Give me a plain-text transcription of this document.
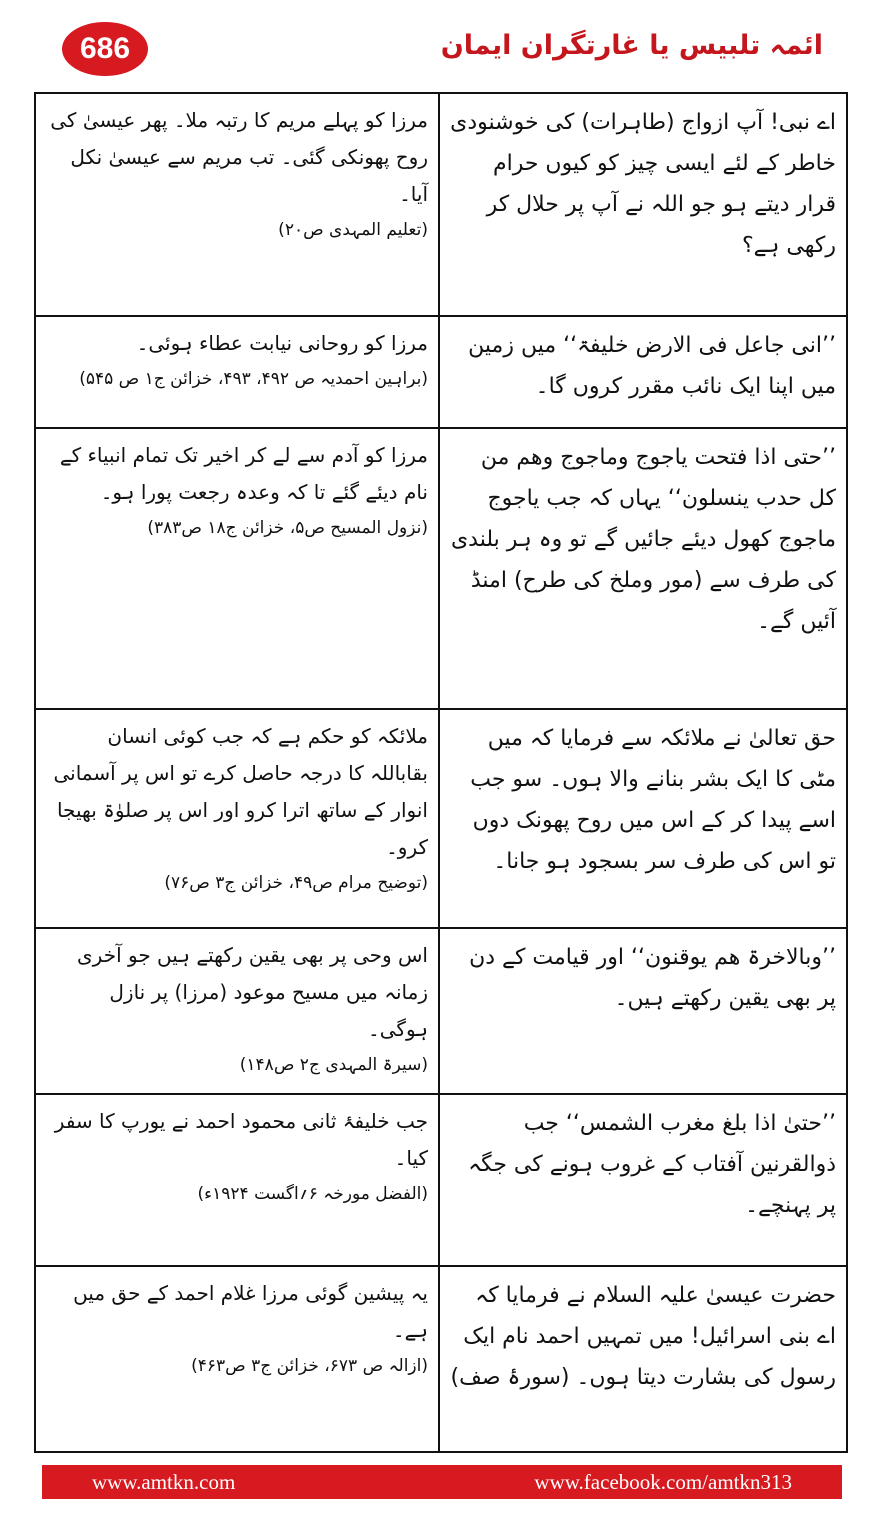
686	ائمہ تلبیس یا غارتگران ایمان
اے نبی! آپ ازواج (طاہرات) کی خوشنودی خاطر کے لئے ایسی چیز کو کیوں حرام قرار دیتے ہو جو اللہ نے آپ پر حلال کر رکھی ہے؟	مرزا کو پہلے مریم کا رتبہ ملا۔ پھر عیسیٰ کی روح پھونکی گئی۔ تب مریم سے عیسیٰ نکل آیا۔
(تعلیم المہدی ص۲۰)

’’انی جاعل فی الارض خلیفۃ‘‘ میں زمین میں اپنا ایک نائب مقرر کروں گا۔	مرزا کو روحانی نیابت عطاء ہوئی۔
(براہین احمدیہ ص ۴۹۲، ۴۹۳، خزائن ج۱ ص ۵۴۵)

’’حتی اذا فتحت یاجوج وماجوج وھم من کل حدب ینسلون‘‘ یہاں کہ جب یاجوج ماجوج کھول دیئے جائیں گے تو وہ ہر بلندی کی طرف سے (مور وملخ کی طرح) امنڈ آئیں گے۔	مرزا کو آدم سے لے کر اخیر تک تمام انبیاء کے نام دیئے گئے تا کہ وعدہ رجعت پورا ہو۔
(نزول المسیح ص۵، خزائن ج۱۸ ص۳۸۳)

حق تعالیٰ نے ملائکہ سے فرمایا کہ میں مٹی کا ایک بشر بنانے والا ہوں۔ سو جب اسے پیدا کر کے اس میں روح پھونک دوں تو اس کی طرف سر بسجود ہو جانا۔	ملائکہ کو حکم ہے کہ جب کوئی انسان بقاباللہ کا درجہ حاصل کرے تو اس پر آسمانی انوار کے ساتھ اترا کرو اور اس پر صلوٰۃ بھیجا کرو۔
(توضیح مرام ص۴۹، خزائن ج۳ ص۷۶)

’’وبالاخرۃ ھم یوقنون‘‘ اور قیامت کے دن پر بھی یقین رکھتے ہیں۔	اس وحی پر بھی یقین رکھتے ہیں جو آخری زمانہ میں مسیح موعود (مرزا) پر نازل ہوگی۔
(سیرۃ المہدی ج۲ ص۱۴۸)

’’حتیٰ اذا بلغ مغرب الشمس‘‘ جب ذوالقرنین آفتاب کے غروب ہونے کی جگہ پر پہنچے۔	جب خلیفۂ ثانی محمود احمد نے یورپ کا سفر کیا۔
(الفضل مورخہ ۶؍اگست ۱۹۲۴ء)

حضرت عیسیٰ علیہ السلام نے فرمایا کہ اے بنی اسرائیل! میں تمہیں احمد نام ایک رسول کی بشارت دیتا ہوں۔ (سورۂ صف)	یہ پیشین گوئی مرزا غلام احمد کے حق میں ہے۔
(ازالہ ص ۶۷۳، خزائن ج۳ ص۴۶۳)
www.amtkn.com	www.facebook.com/amtkn313
